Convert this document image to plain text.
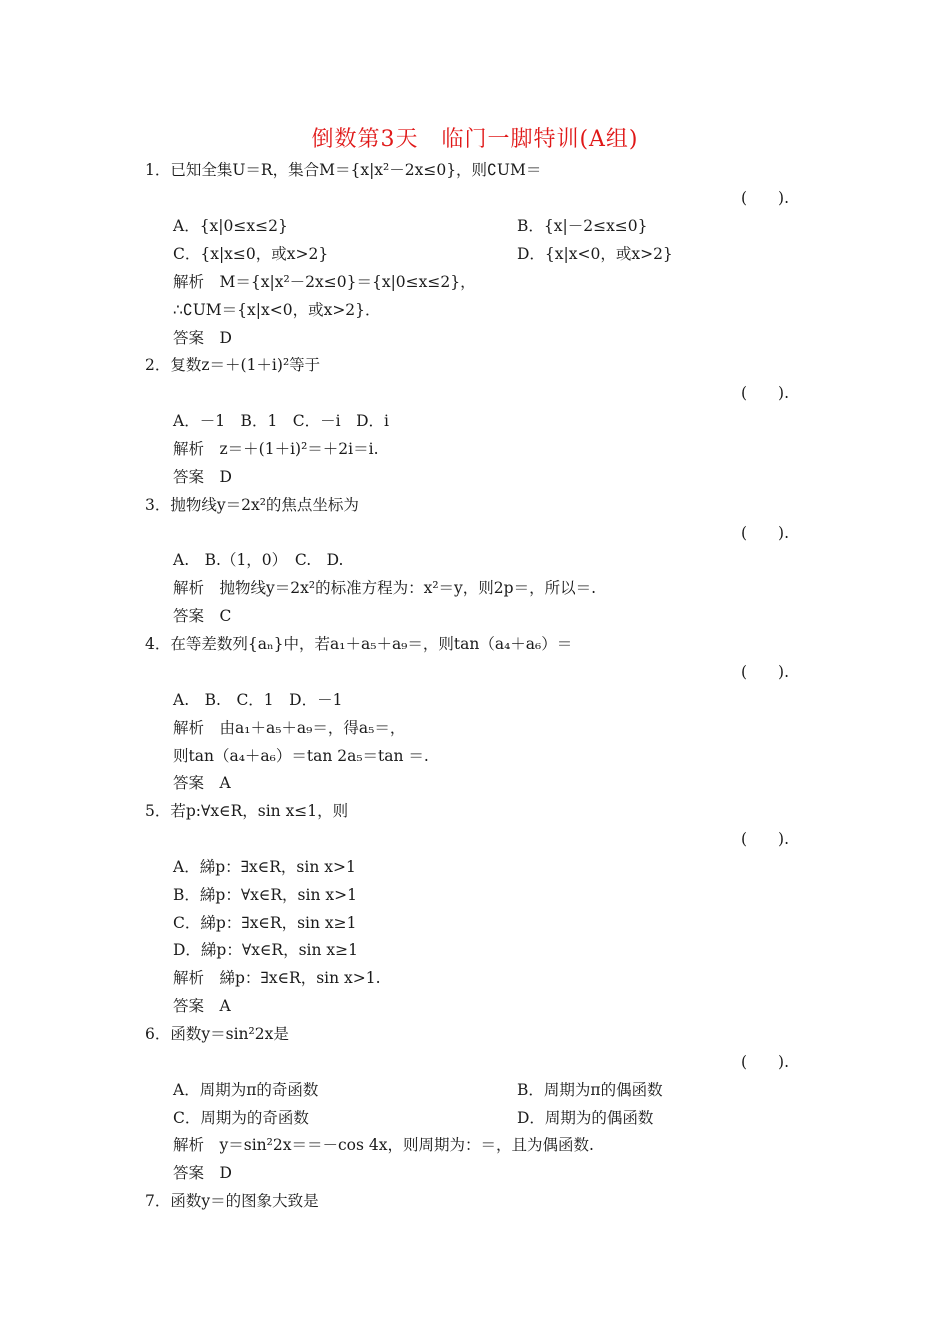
倒数第3天　临门一脚特训(A组)
1．已知全集U＝R，集合M＝{x|x²－2x≤0}，则∁UM＝
(　　).
A．{x|0≤x≤2}	B．{x|－2≤x≤0}
C．{x|x≤0，或x>2}	D．{x|x<0，或x>2}
解析　M＝{x|x²－2x≤0}＝{x|0≤x≤2}，
∴∁UM＝{x|x<0，或x>2}．
答案　D
2．复数z＝＋(1＋i)²等于
(　　).
A．－1　B．1　C．－i　D．i
解析　z＝＋(1＋i)²＝＋2i＝i.
答案　D
3．抛物线y＝2x²的焦点坐标为
(　　).
A.　B.（1，0）　C.　D.
解析　抛物线y＝2x²的标准方程为：x²＝y，则2p＝，所以＝.
答案　C
4．在等差数列{aₙ}中，若a₁＋a₅＋a₉＝，则tan（a₄＋a₆）＝
(　　).
A.　B.　C．1　D．－1
解析　由a₁＋a₅＋a₉＝，得a₅＝，
则tan（a₄＋a₆）＝tan 2a₅＝tan ＝.
答案　A
5．若p:∀x∈R，sin x≤1，则
(　　).
A．綈p：∃x∈R，sin x>1
B．綈p：∀x∈R，sin x>1
C．綈p：∃x∈R，sin x≥1
D．綈p：∀x∈R，sin x≥1
解析　綈p：∃x∈R，sin x>1.
答案　A
6．函数y＝sin²2x是
(　　).
A．周期为π的奇函数	B．周期为π的偶函数
C．周期为的奇函数	D．周期为的偶函数
解析　y＝sin²2x＝＝－cos 4x，则周期为：＝，且为偶函数.
答案　D
7．函数y＝的图象大致是
